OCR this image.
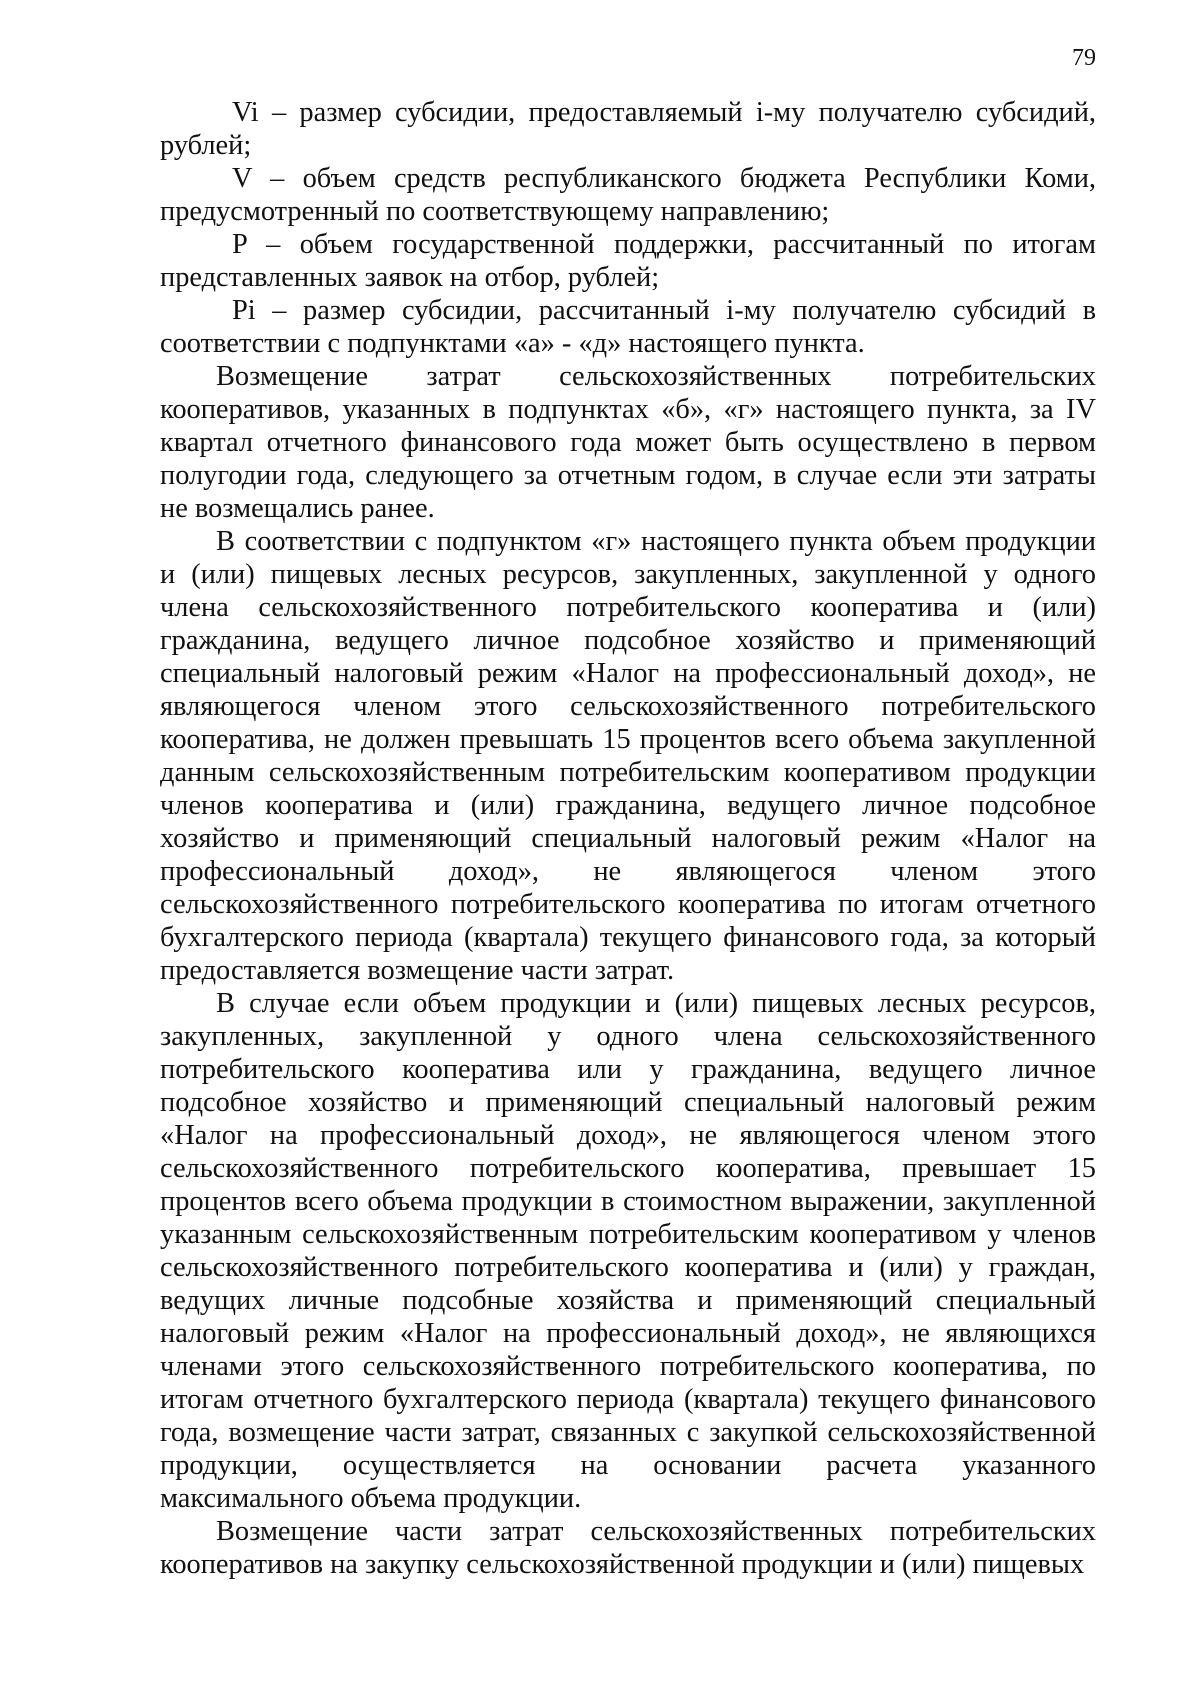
79

Vi – размер субсидии, предоставляемый i-му получателю субсидий, рублей;

V – объем средств республиканского бюджета Республики Коми, предусмотренный по соответствующему направлению;

P – объем государственной поддержки, рассчитанный по итогам представленных заявок на отбор, рублей;

Pi – размер субсидии, рассчитанный i-му получателю субсидий в соответствии с подпунктами «а» - «д» настоящего пункта.

Возмещение затрат сельскохозяйственных потребительских кооперативов, указанных в подпунктах «б», «г» настоящего пункта, за IV квартал отчетного финансового года может быть осуществлено в первом полугодии года, следующего за отчетным годом, в случае если эти затраты не возмещались ранее.

В соответствии с подпунктом «г» настоящего пункта объем продукции и (или) пищевых лесных ресурсов, закупленных, закупленной у одного члена сельскохозяйственного потребительского кооператива и (или) гражданина, ведущего личное подсобное хозяйство и применяющий специальный налоговый режим «Налог на профессиональный доход», не являющегося членом этого сельскохозяйственного потребительского кооператива, не должен превышать 15 процентов всего объема закупленной данным сельскохозяйственным потребительским кооперативом продукции членов кооператива и (или) гражданина, ведущего личное подсобное хозяйство и применяющий специальный налоговый режим «Налог на профессиональный доход», не являющегося членом этого сельскохозяйственного потребительского кооператива по итогам отчетного бухгалтерского периода (квартала) текущего финансового года, за который предоставляется возмещение части затрат.

В случае если объем продукции и (или) пищевых лесных ресурсов, закупленных, закупленной у одного члена сельскохозяйственного потребительского кооператива или у гражданина, ведущего личное подсобное хозяйство и применяющий специальный налоговый режим «Налог на профессиональный доход», не являющегося членом этого сельскохозяйственного потребительского кооператива, превышает 15 процентов всего объема продукции в стоимостном выражении, закупленной указанным сельскохозяйственным потребительским кооперативом у членов сельскохозяйственного потребительского кооператива и (или) у граждан, ведущих личные подсобные хозяйства и применяющий специальный налоговый режим «Налог на профессиональный доход», не являющихся членами этого сельскохозяйственного потребительского кооператива, по итогам отчетного бухгалтерского периода (квартала) текущего финансового года, возмещение части затрат, связанных с закупкой сельскохозяйственной продукции, осуществляется на основании расчета указанного максимального объема продукции.

Возмещение части затрат сельскохозяйственных потребительских кооперативов на закупку сельскохозяйственной продукции и (или) пищевых
